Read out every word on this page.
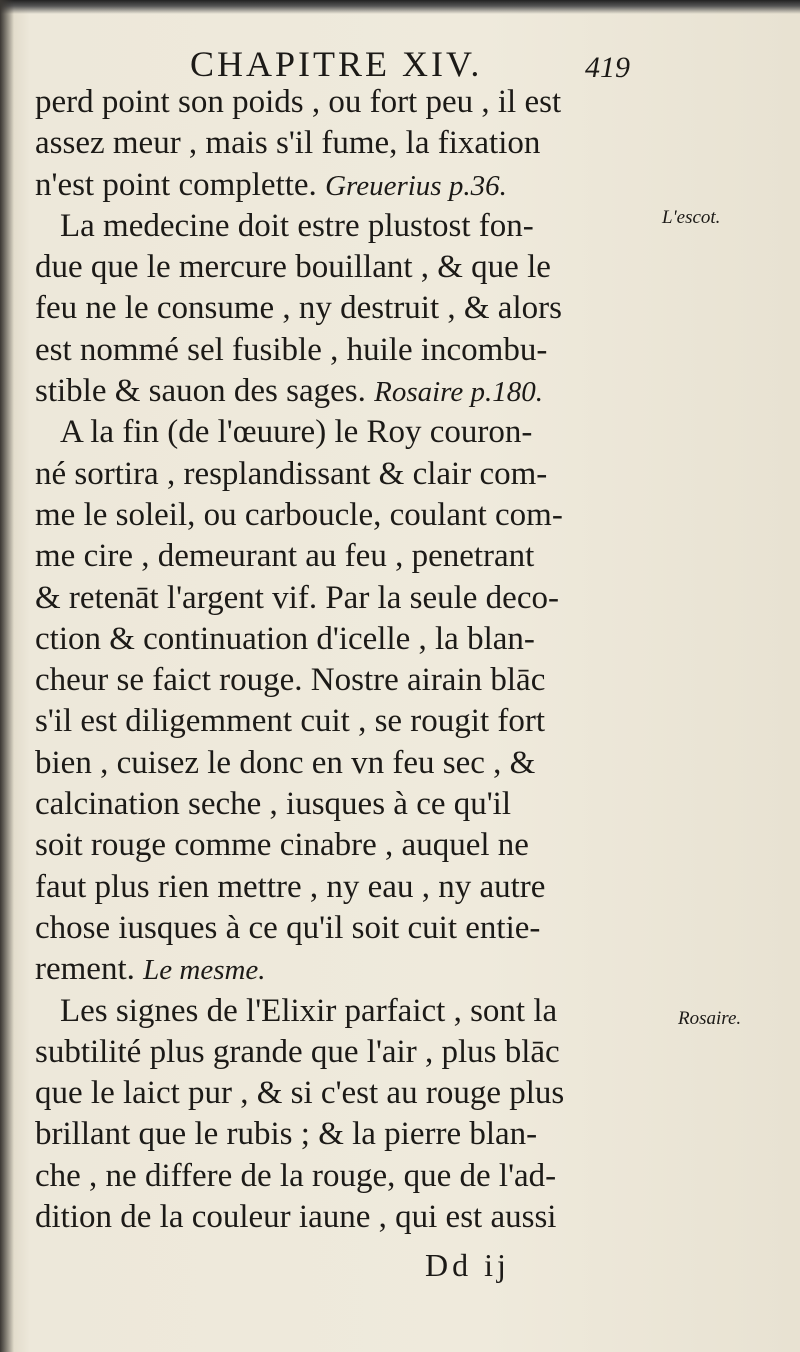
CHAPITRE XIV.	419
perd point son poids , ou fort peu , il est
assez meur , mais s'il fume, la fixation
n'est point complette. Greuerius p.36.
La medecine doit estre plustost fon-
due que le mercure bouillant , & que le
feu ne le consume , ny destruit , & alors
est nommé sel fusible , huile incombu-
stible & sauon des sages. Rosaire p.180.
A la fin (de l'œuure) le Roy couron-
né sortira , resplandissant & clair com-
me le soleil, ou carboucle, coulant com-
me cire , demeurant au feu , penetrant
& retenāt l'argent vif. Par la seule deco-
ction & continuation d'icelle , la blan-
cheur se faict rouge. Nostre airain blāc
s'il est diligemment cuit , se rougit fort
bien , cuisez le donc en vn feu sec , &
calcination seche , iusques à ce qu'il
soit rouge comme cinabre , auquel ne
faut plus rien mettre , ny eau , ny autre
chose iusques à ce qu'il soit cuit entie-
rement. Le mesme.
Les signes de l'Elixir parfaict , sont la
subtilité plus grande que l'air , plus blāc
que le laict pur , & si c'est au rouge plus
brillant que le rubis ; & la pierre blan-
che , ne differe de la rouge, que de l'ad-
dition de la couleur iaune , qui est aussi
L'escot.
Rosaire.
Dd ij
